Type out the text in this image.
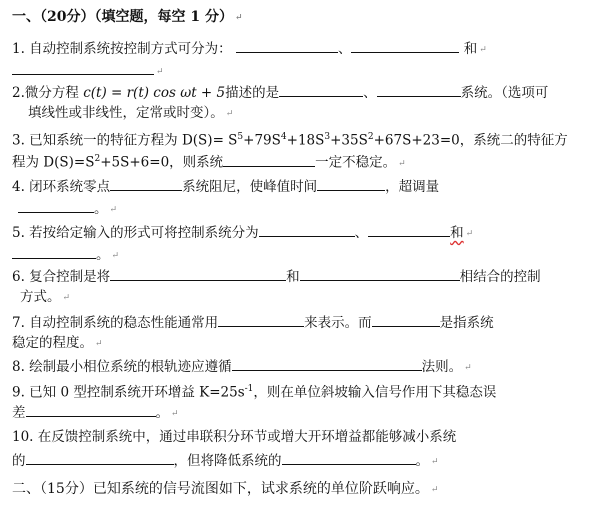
一、（20分）（填空题，每空 1 分） ↵
1. 自动控制系统按控制方式可分为：	、	和 ↵
↵
2.微分方程 c(t) = r(t) cos ωt + 5描述的是	、	系统。（选项可
填线性或非线性，定常或时变）。 ↵
3. 已知系统一的特征方程为 $D(S)= S^5+79S^4+18S^3+35S^2+67S+23=0$，系统二的特征方
程为 $D(S)=S^2+5S+6=0$，则系统	一定不稳定。 ↵
4. 闭环系统零点	系统阻尼，使峰值时间	，超调量
。 ↵
5. 若按给定输入的形式可将控制系统分为	、	和 ↵
。 ↵
6. 复合控制是将	和	相结合的控制
方式。 ↵
7. 自动控制系统的稳态性能通常用	来表示。而	是指系统
稳定的程度。 ↵
8. 绘制最小相位系统的根轨迹应遵循	法则。 ↵
9. 已知 0 型控制系统开环增益 $K=25s^{-1}$，则在单位斜坡输入信号作用下其稳态误
差	。 ↵
10. 在反馈控制系统中，通过串联积分环节或增大开环增益都能够减小系统
的	，但将降低系统的	。 ↵
二、（15分）已知系统的信号流图如下，试求系统的单位阶跃响应。 ↵
